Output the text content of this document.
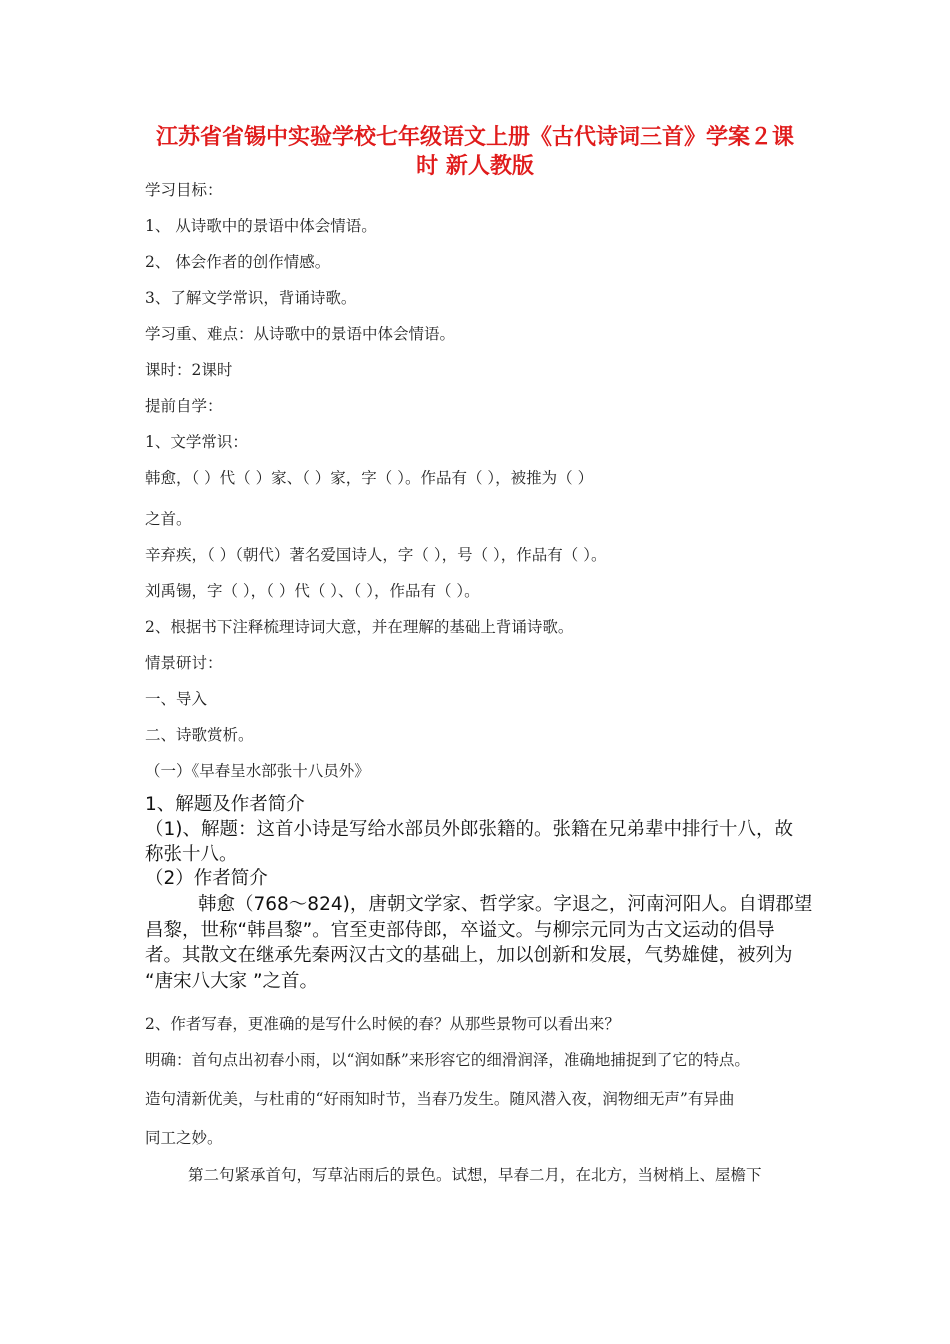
江苏省省锡中实验学校七年级语文上册《古代诗词三首》学案２课
时 新人教版

学习目标：

1、 从诗歌中的景语中体会情语。

2、 体会作者的创作情感。

3、了解文学常识，背诵诗歌。

学习重、难点：从诗歌中的景语中体会情语。

课时：2课时

提前自学：

1、文学常识：

韩愈，（ ）代（ ）家、（ ）家，字（ ）。作品有（ ），被推为（ ）

之首。

辛弃疾，（ ）（朝代）著名爱国诗人，字（ ），号（ ），作品有（ ）。

刘禹锡，字（ ），（ ）代（ ）、（ ），作品有（ ）。

2、根据书下注释梳理诗词大意，并在理解的基础上背诵诗歌。

情景研讨：

一、导入

二、诗歌赏析。

（一）《早春呈水部张十八员外》

1、解题及作者简介

（1)、解题：这首小诗是写给水部员外郎张籍的。张籍在兄弟辈中排行十八，故

称张十八。

（2）作者简介

韩愈（768～824)，唐朝文学家、哲学家。字退之，河南河阳人。自谓郡望

昌黎，世称“韩昌黎”。官至吏部侍郎，卒谥文。与柳宗元同为古文运动的倡导

者。其散文在继承先秦两汉古文的基础上，加以创新和发展，气势雄健，被列为

“唐宋八大家 ”之首。

2、作者写春，更准确的是写什么时候的春？从那些景物可以看出来？

明确：首句点出初春小雨，以“润如酥”来形容它的细滑润泽，准确地捕捉到了它的特点。

造句清新优美，与杜甫的“好雨知时节，当春乃发生。随风潜入夜，润物细无声”有异曲

同工之妙。

第二句紧承首句，写草沾雨后的景色。试想，早春二月，在北方，当树梢上、屋檐下
